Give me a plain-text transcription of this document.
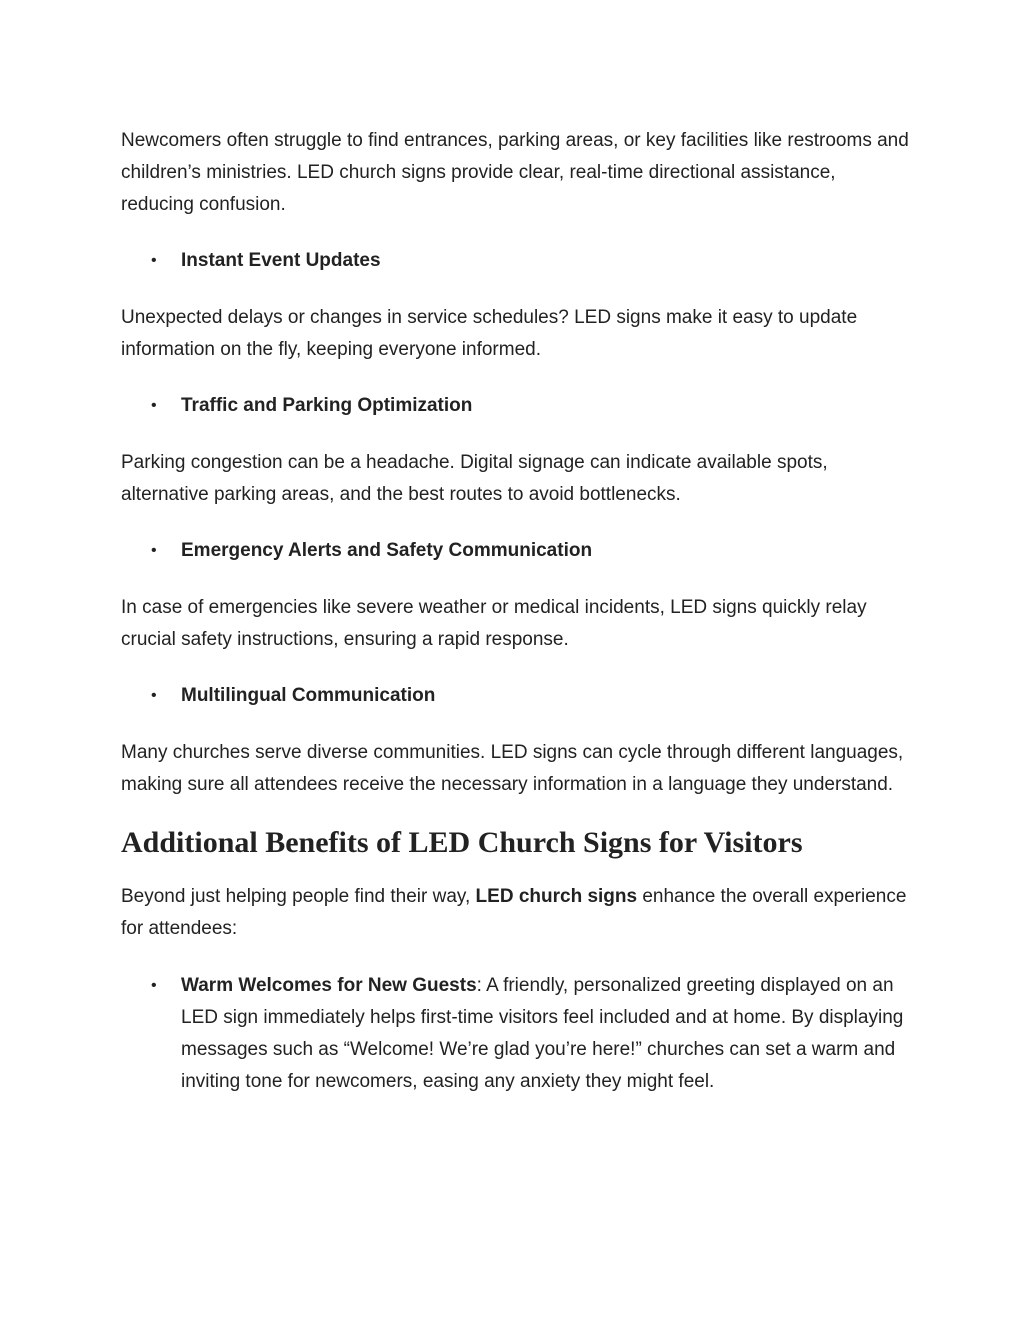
Newcomers often struggle to find entrances, parking areas, or key facilities like restrooms and children’s ministries. LED church signs provide clear, real-time directional assistance, reducing confusion.

• Instant Event Updates

Unexpected delays or changes in service schedules? LED signs make it easy to update information on the fly, keeping everyone informed.

• Traffic and Parking Optimization

Parking congestion can be a headache. Digital signage can indicate available spots, alternative parking areas, and the best routes to avoid bottlenecks.

• Emergency Alerts and Safety Communication

In case of emergencies like severe weather or medical incidents, LED signs quickly relay crucial safety instructions, ensuring a rapid response.

• Multilingual Communication

Many churches serve diverse communities. LED signs can cycle through different languages, making sure all attendees receive the necessary information in a language they understand.

Additional Benefits of LED Church Signs for Visitors

Beyond just helping people find their way, LED church signs enhance the overall experience for attendees:

• Warm Welcomes for New Guests: A friendly, personalized greeting displayed on an LED sign immediately helps first-time visitors feel included and at home. By displaying messages such as “Welcome! We’re glad you’re here!” churches can set a warm and inviting tone for newcomers, easing any anxiety they might feel.
